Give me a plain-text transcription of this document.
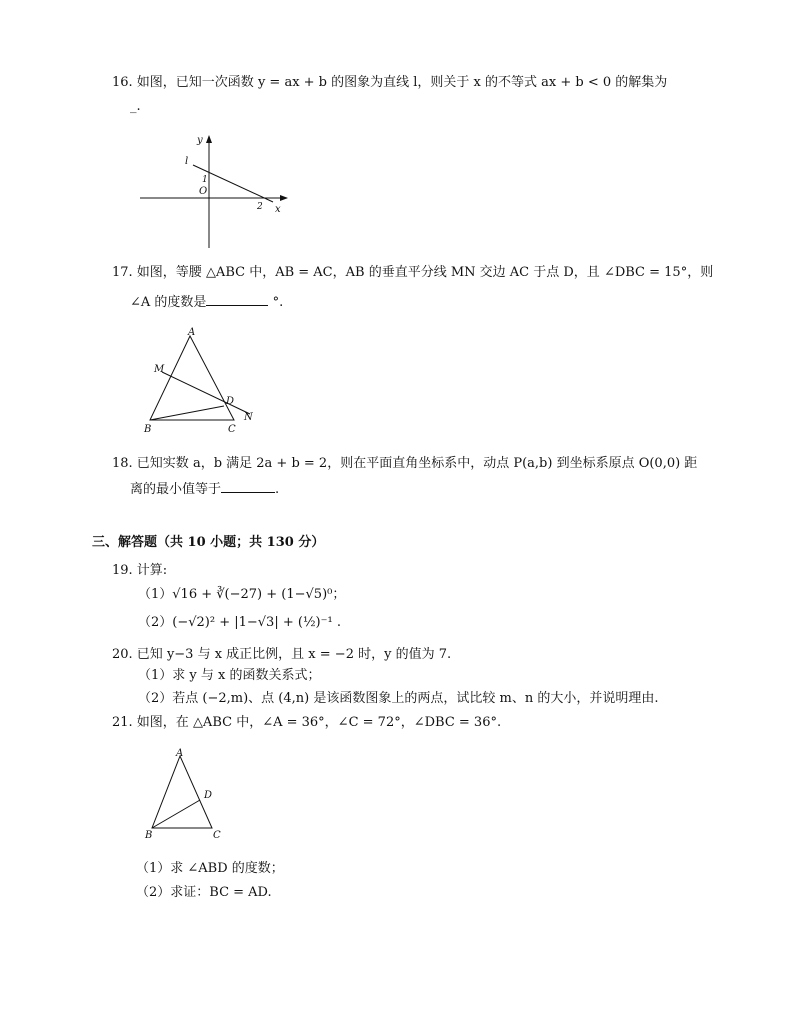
16. 如图，已知一次函数 y = ax + b 的图象为直线 l，则关于 x 的不等式 ax + b < 0 的解集为
_.
y
x
O
l
1
2
17. 如图，等腰 △ABC 中，AB = AC，AB 的垂直平分线 MN 交边 AC 于点 D，且 ∠DBC = 15°，则
∠A 的度数是	°.
A
B	C
D
M
N
18. 已知实数 a，b 满足 2a + b = 2，则在平面直角坐标系中，动点 P(a,b) 到坐标系原点 O(0,0) 距
离的最小值等于	.
三、解答题（共 10 小题；共 130 分）
19. 计算:
（1）√16 + ∛(−27) + (1−√5)⁰；
（2）(−√2)² + |1−√3| + (½)⁻¹ .
20. 已知 y−3 与 x 成正比例，且 x = −2 时，y 的值为 7.
（1）求 y 与 x 的函数关系式；
（2）若点 (−2,m)、点 (4,n) 是该函数图象上的两点，试比较 m、n 的大小，并说明理由.
21. 如图，在 △ABC 中，∠A = 36°，∠C = 72°，∠DBC = 36°.
A
B	C
D
（1）求 ∠ABD 的度数；
（2）求证：BC = AD.
